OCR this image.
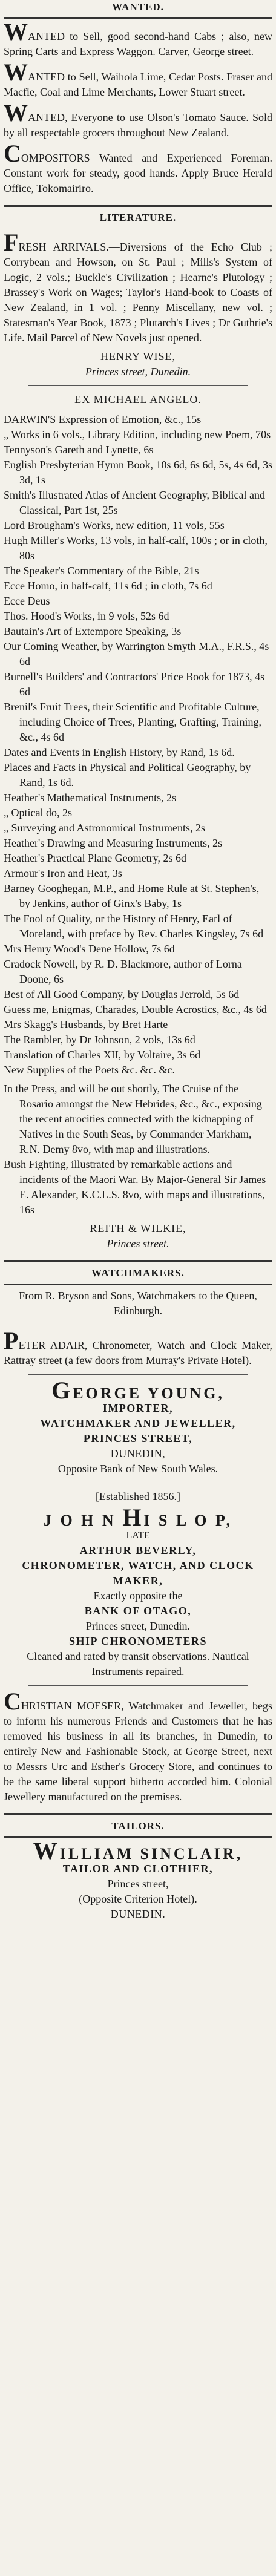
WANTED.

WANTED to Sell, good second-hand Cabs ; also, new Spring Carts and Express Waggon. Carver, George street.

WANTED to Sell, Waihola Lime, Cedar Posts. Fraser and Macfie, Coal and Lime Merchants, Lower Stuart street.

WANTED, Everyone to use Olson's Tomato Sauce. Sold by all respectable grocers throughout New Zealand.

COMPOSITORS Wanted and Experienced Foreman. Constant work for steady, good hands. Apply Bruce Herald Office, Tokomairiro.

LITERATURE.

FRESH ARRIVALS.—Diversions of the Echo Club ; Corrybean and Howson, on St. Paul ; Mills's System of Logic, 2 vols.; Buckle's Civilization ; Hearne's Plutology ; Brassey's Work on Wages; Taylor's Hand-book to Coasts of New Zealand, in 1 vol. ; Penny Miscellany, new vol. ; Statesman's Year Book, 1873 ; Plutarch's Lives ; Dr Guthrie's Life. Mail Parcel of New Novels just opened.

HENRY WISE,
Princes street, Dunedin.
EX MICHAEL ANGELO.

DARWIN'S Expression of Emotion, &c., 15s

„ Works in 6 vols., Library Edition, including new Poem, 70s

Tennyson's Gareth and Lynette, 6s

English Presbyterian Hymn Book, 10s 6d, 6s 6d, 5s, 4s 6d, 3s 3d, 1s

Smith's Illustrated Atlas of Ancient Geography, Biblical and Classical, Part 1st, 25s

Lord Brougham's Works, new edition, 11 vols, 55s

Hugh Miller's Works, 13 vols, in half-calf, 100s ; or in cloth, 80s

The Speaker's Commentary of the Bible, 21s

Ecce Homo, in half-calf, 11s 6d ; in cloth, 7s 6d

Ecce Deus

Thos. Hood's Works, in 9 vols, 52s 6d

Bautain's Art of Extempore Speaking, 3s

Our Coming Weather, by Warrington Smyth M.A., F.R.S., 4s 6d

Burnell's Builders' and Contractors' Price Book for 1873, 4s 6d

Brenil's Fruit Trees, their Scientific and Profitable Culture, including Choice of Trees, Planting, Grafting, Training, &c., 4s 6d

Dates and Events in English History, by Rand, 1s 6d.

Places and Facts in Physical and Political Geography, by Rand, 1s 6d.

Heather's Mathematical Instruments, 2s

„ Optical do, 2s

„ Surveying and Astronomical Instruments, 2s

Heather's Drawing and Measuring Instruments, 2s

Heather's Practical Plane Geometry, 2s 6d

Armour's Iron and Heat, 3s

Barney Googhegan, M.P., and Home Rule at St. Stephen's, by Jenkins, author of Ginx's Baby, 1s

The Fool of Quality, or the History of Henry, Earl of Moreland, with preface by Rev. Charles Kingsley, 7s 6d

Mrs Henry Wood's Dene Hollow, 7s 6d

Cradock Nowell, by R. D. Blackmore, author of Lorna Doone, 6s

Best of All Good Company, by Douglas Jerrold, 5s 6d

Guess me, Enigmas, Charades, Double Acrostics, &c., 4s 6d

Mrs Skagg's Husbands, by Bret Harte

The Rambler, by Dr Johnson, 2 vols, 13s 6d

Translation of Charles XII, by Voltaire, 3s 6d

New Supplies of the Poets &c. &c. &c.

In the Press, and will be out shortly, The Cruise of the Rosario amongst the New Hebrides, &c., &c., exposing the recent atrocities connected with the kidnapping of Natives in the South Seas, by Commander Markham, R.N. Demy 8vo, with map and illustrations.

Bush Fighting, illustrated by remarkable actions and incidents of the Maori War. By Major-General Sir James E. Alexander, K.C.L.S. 8vo, with maps and illustrations, 16s

REITH & WILKIE,
Princes street.
WATCHMAKERS.

From R. Bryson and Sons, Watchmakers to the Queen, Edinburgh.

PETER ADAIR, Chronometer, Watch and Clock Maker, Rattray street (a few doors from Murray's Private Hotel).

GEORGE YOUNG,

IMPORTER,

WATCHMAKER AND JEWELLER,

PRINCES STREET,

DUNEDIN,

Opposite Bank of New South Wales.

[Established 1856.]

J O H N HI S L O P,

LATE

ARTHUR BEVERLY,

CHRONOMETER, WATCH, AND CLOCK MAKER,

Exactly opposite the

BANK OF OTAGO,

Princes street, Dunedin.

SHIP CHRONOMETERS

Cleaned and rated by transit observations. Nautical Instruments repaired.

CHRISTIAN MOESER, Watchmaker and Jeweller, begs to inform his numerous Friends and Customers that he has removed his business in all its branches, in Dunedin, to entirely New and Fashionable Stock, at George Street, next to Messrs Urc and Esther's Grocery Store, and continues to be the same liberal support hitherto accorded him. Colonial Jewellery manufactured on the premises.

TAILORS.

WILLIAM SINCLAIR,

TAILOR AND CLOTHIER,

Princes street,

(Opposite Criterion Hotel).

DUNEDIN.
